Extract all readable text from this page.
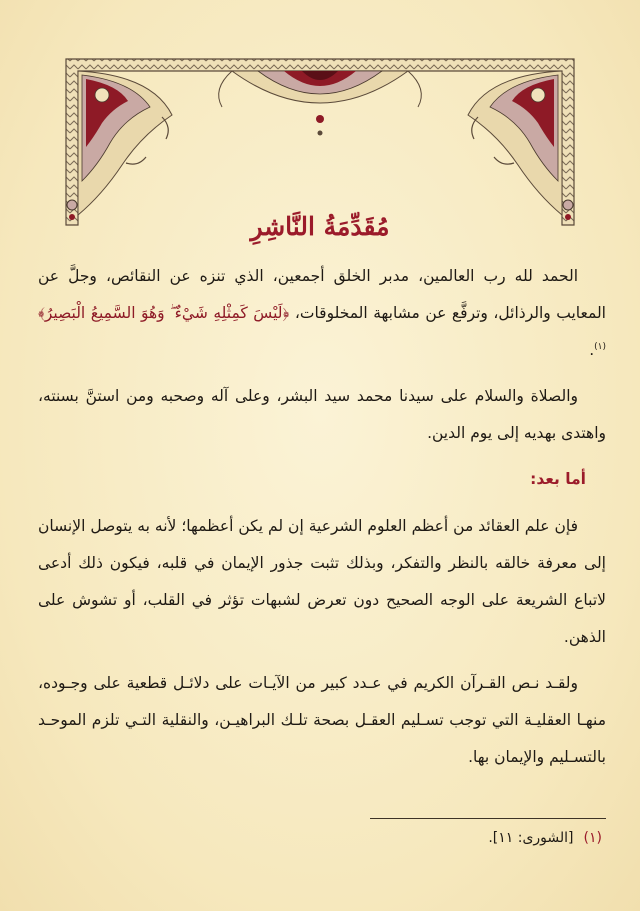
مُقَدِّمَةُ النَّاشِرِ

الحمد لله رب العالمين، مدبر الخلق أجمعين، الذي تنزه عن النقائص، وجلَّ عن المعايب والرذائل، وترفَّع عن مشابهة المخلوقات، ﴿لَيْسَ كَمِثْلِهِ شَيْءٌ ۖ وَهُوَ السَّمِيعُ الْبَصِيرُ﴾$^{(١)}$.

والصلاة والسلام على سيدنا محمد سيد البشر، وعلى آله وصحبه ومن استنَّ بسنته، واهتدى بهديه إلى يوم الدين.

أما بعد:

فإن علم العقائد من أعظم العلوم الشرعية إن لم يكن أعظمها؛ لأنه به يتوصل الإنسان إلى معرفة خالقه بالنظر والتفكر، وبذلك تثبت جذور الإيمان في قلبه، فيكون ذلك أدعى لاتباع الشريعة على الوجه الصحيح دون تعرض لشبهات تؤثر في القلب، أو تشوش على الذهن.

ولقـد نـص القـرآن الكريم في عـدد كبير من الآيـات على دلائـل قطعية على وجـوده، منهـا العقليـة التي توجب تسـليم العقـل بصحة تلـك البراهيـن، والنقلية التـي تلزم الموحـد بالتسـليم والإيمان بها.

(١)[الشورى: ١١].
